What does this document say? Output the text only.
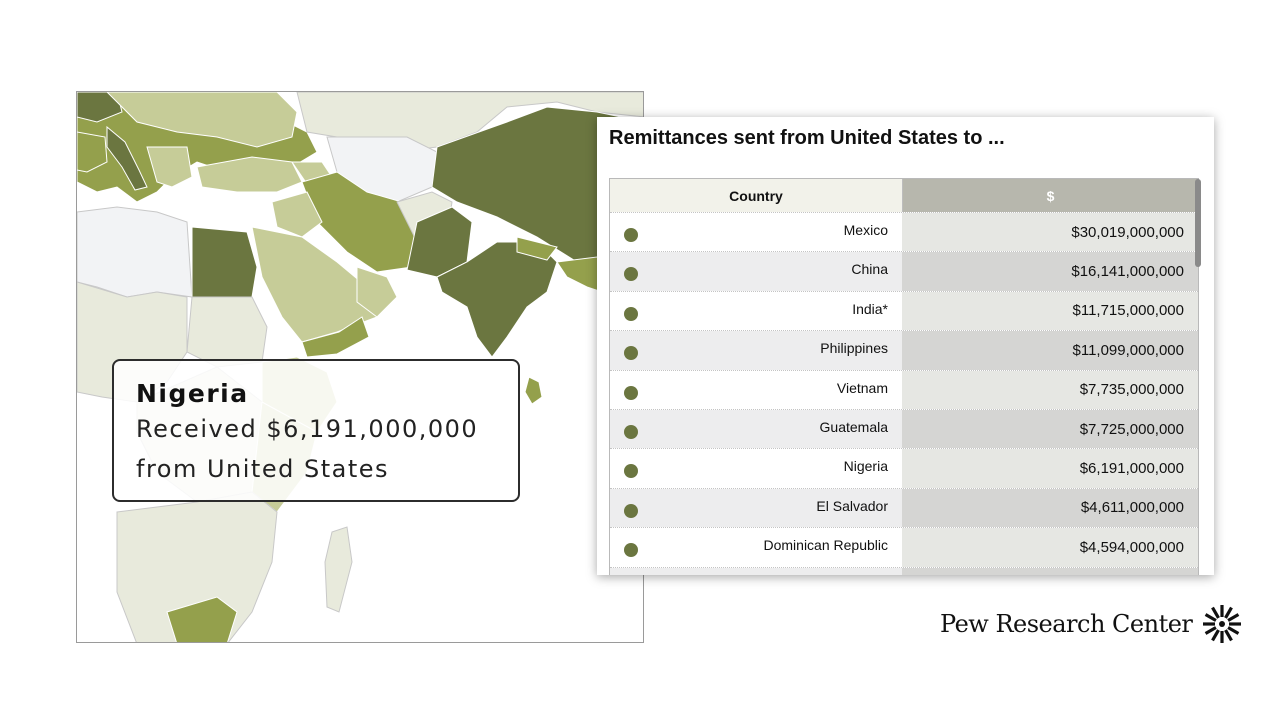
Nigeria
Received $6,191,000,000
from United States
Remittances sent from United States to ...
Country	$
Mexico	$30,019,000,000
China	$16,141,000,000
India*	$11,715,000,000
Philippines	$11,099,000,000
Vietnam	$7,735,000,000
Guatemala	$7,725,000,000
Nigeria	$6,191,000,000
El Salvador	$4,611,000,000
Dominican Republic	$4,594,000,000
Pew Research Center
